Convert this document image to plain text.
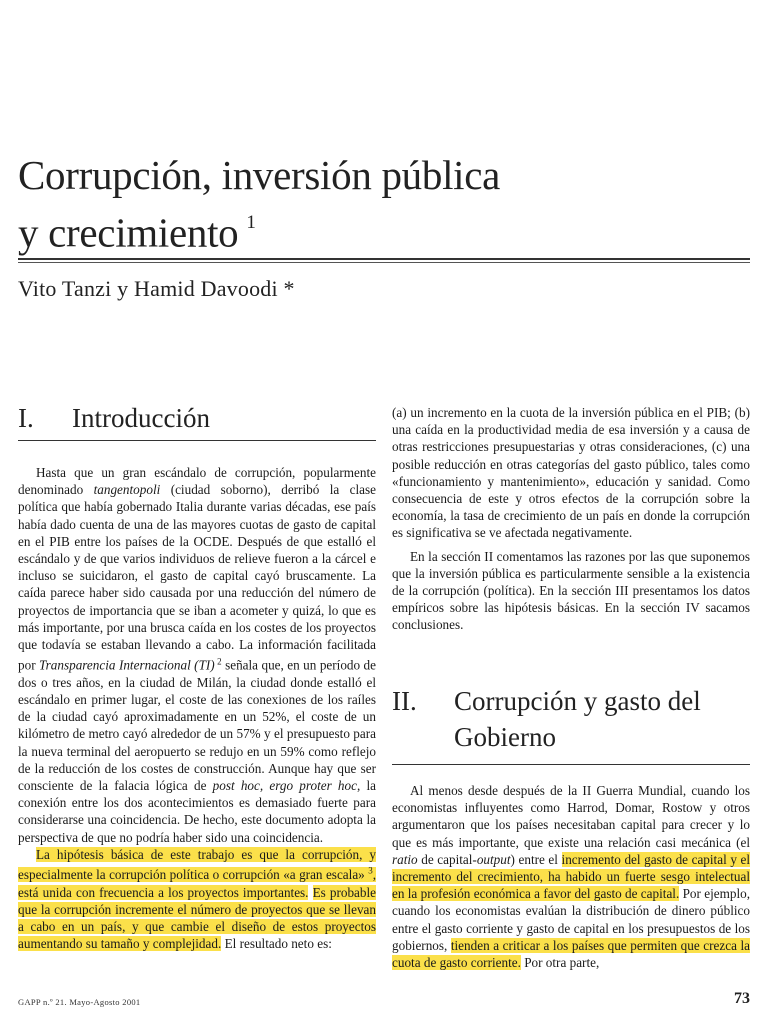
Corrupción, inversión pública
y crecimiento $^1$
Vito Tanzi y Hamid Davoodi *
I. Introducción

Hasta que un gran escándalo de corrupción, popularmente denominado tangentopoli (ciudad soborno), derribó la clase política que había gobernado Italia durante varias décadas, ese país había dado cuenta de una de las mayores cuotas de gasto de capital en el PIB entre los países de la OCDE. Después de que estalló el escándalo y de que varios individuos de relieve fueron a la cárcel e incluso se suicidaron, el gasto de capital cayó bruscamente. La caída parece haber sido causada por una reducción del número de proyectos de importancia que se iban a acometer y quizá, lo que es más importante, por una brusca caída en los costes de los proyectos que todavía se estaban llevando a cabo. La información facilitada por Transparencia Internacional (TI) $^2$ señala que, en un período de dos o tres años, en la ciudad de Milán, la ciudad donde estalló el escándalo en primer lugar, el coste de las conexiones de los raíles de la ciudad cayó aproximadamente en un 52%, el coste de un kilómetro de metro cayó alrededor de un 57% y el presupuesto para la nueva terminal del aeropuerto se redujo en un 59% como reflejo de la reducción de los costes de construcción. Aunque hay que ser consciente de la falacia lógica de post hoc, ergo proter hoc, la conexión entre los dos acontecimientos es demasiado fuerte para considerarse una coincidencia. De hecho, este documento adopta la perspectiva de que no podría haber sido una coincidencia.

La hipótesis básica de este trabajo es que la corrupción, y especialmente la corrupción política o corrupción «a gran escala» $^3$, está unida con frecuencia a los proyectos importantes. Es probable que la corrupción incremente el número de proyectos que se llevan a cabo en un país, y que cambie el diseño de estos proyectos aumentando su tamaño y complejidad. El resultado neto es:

(a) un incremento en la cuota de la inversión pública en el PIB; (b) una caída en la productividad media de esa inversión y a causa de otras restricciones presupuestarias y otras consideraciones, (c) una posible reducción en otras categorías del gasto público, tales como «funcionamiento y mantenimiento», educación y sanidad. Como consecuencia de este y otros efectos de la corrupción sobre la economía, la tasa de crecimiento de un país en donde la corrupción es significativa se ve afectada negativamente.

En la sección II comentamos las razones por las que suponemos que la inversión pública es particularmente sensible a la existencia de la corrupción (política). En la sección III presentamos los datos empíricos sobre las hipótesis básicas. En la sección IV sacamos conclusiones.

II. Corrupción y gasto del
Gobierno

Al menos desde después de la II Guerra Mundial, cuando los economistas influyentes como Harrod, Domar, Rostow y otros argumentaron que los países necesitaban capital para crecer y lo que es más importante, que existe una relación casi mecánica (el ratio de capital-output) entre el incremento del gasto de capital y el incremento del crecimiento, ha habido un fuerte sesgo intelectual en la profesión económica a favor del gasto de capital. Por ejemplo, cuando los economistas evalúan la distribución de dinero público entre el gasto corriente y gasto de capital en los presupuestos de los gobiernos, tienden a criticar a los países que permiten que crezca la cuota de gasto corriente. Por otra parte,

GAPP n.º 21. Mayo-Agosto 2001	73
